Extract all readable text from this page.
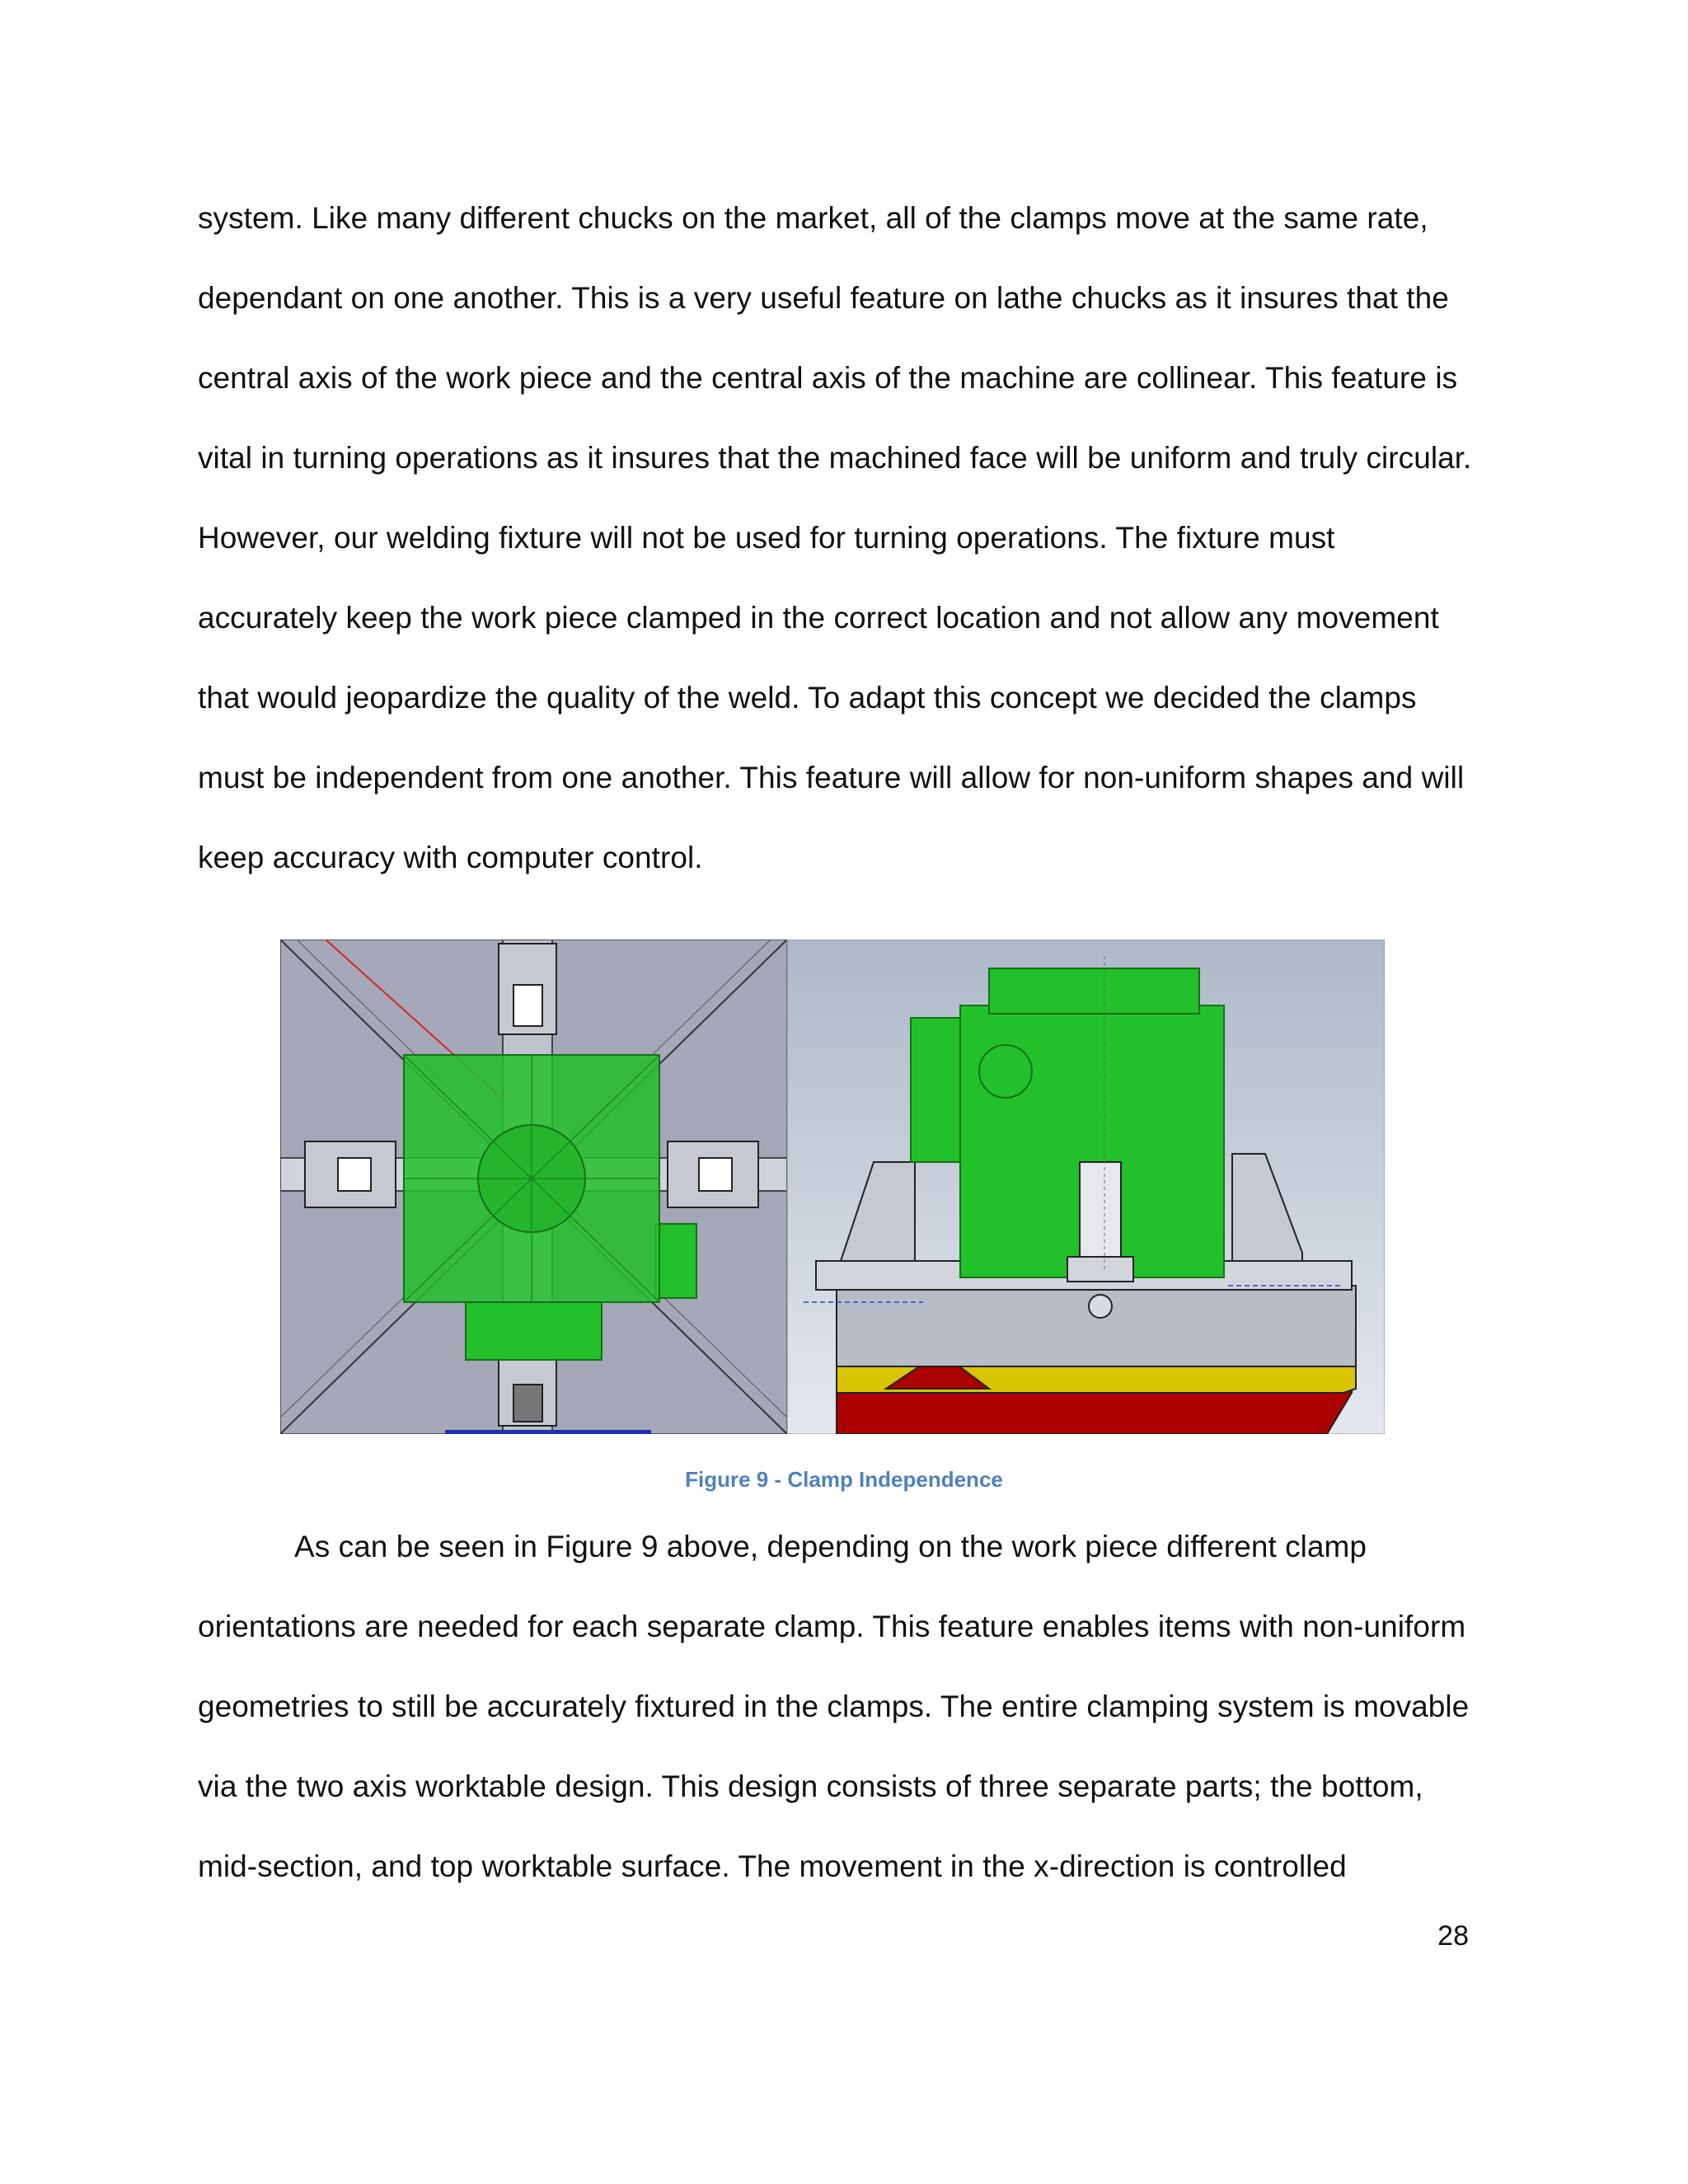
system. Like many different chucks on the market, all of the clamps move at the same rate,
dependant on one another. This is a very useful feature on lathe chucks as it insures that the
central axis of the work piece and the central axis of the machine are collinear. This feature is
vital in turning operations as it insures that the machined face will be uniform and truly circular.
However, our welding fixture will not be used for turning operations. The fixture must
accurately keep the work piece clamped in the correct location and not allow any movement
that would jeopardize the quality of the weld. To adapt this concept we decided the clamps
must be independent from one another. This feature will allow for non-uniform shapes and will
keep accuracy with computer control.
Figure 9 - Clamp Independence
As can be seen in Figure 9 above, depending on the work piece different clamp
orientations are needed for each separate clamp. This feature enables items with non-uniform
geometries to still be accurately fixtured in the clamps. The entire clamping system is movable
via the two axis worktable design. This design consists of three separate parts; the bottom,
mid-section, and top worktable surface. The movement in the x-direction is controlled
28
